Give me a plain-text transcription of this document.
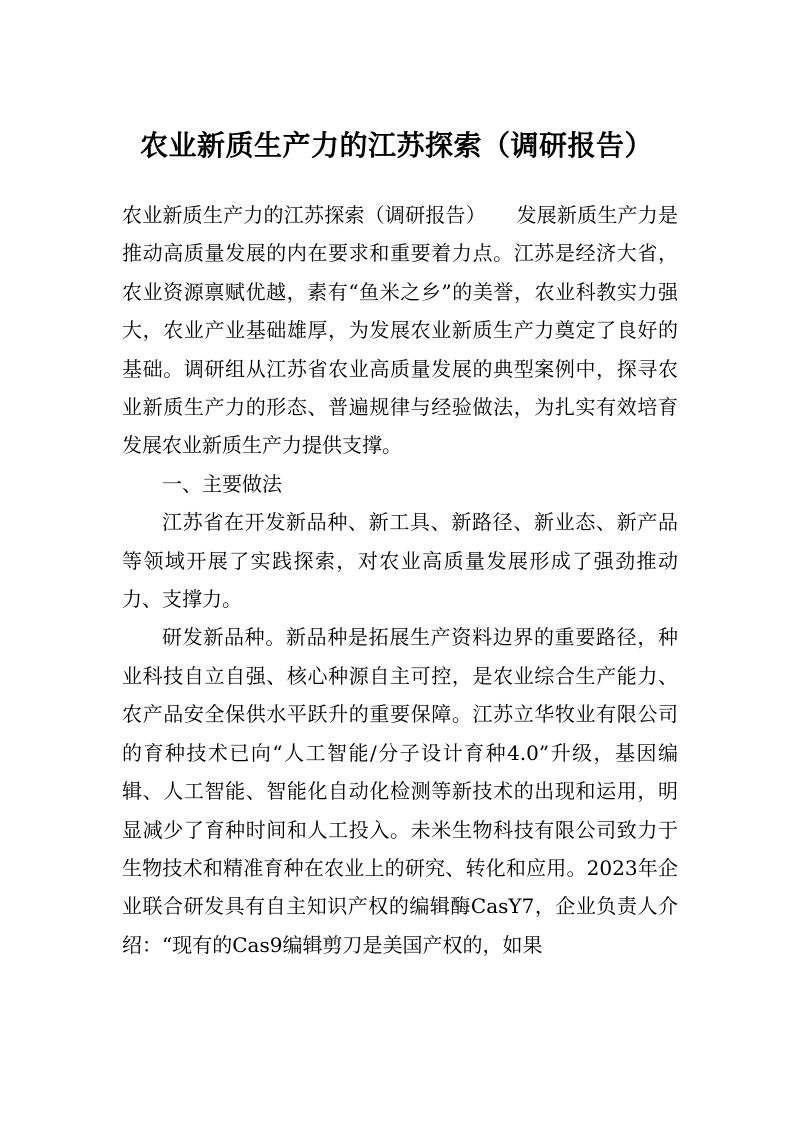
农业新质生产力的江苏探索（调研报告）

农业新质生产力的江苏探索（调研报告）　　发展新质生产力是推动高质量发展的内在要求和重要着力点。江苏是经济大省，农业资源禀赋优越，素有“鱼米之乡”的美誉，农业科教实力强大，农业产业基础雄厚，为发展农业新质生产力奠定了良好的基础。调研组从江苏省农业高质量发展的典型案例中，探寻农业新质生产力的形态、普遍规律与经验做法，为扎实有效培育发展农业新质生产力提供支撑。

一、主要做法

江苏省在开发新品种、新工具、新路径、新业态、新产品等领域开展了实践探索，对农业高质量发展形成了强劲推动力、支撑力。

研发新品种。新品种是拓展生产资料边界的重要路径，种业科技自立自强、核心种源自主可控，是农业综合生产能力、农产品安全保供水平跃升的重要保障。江苏立华牧业有限公司的育种技术已向“人工智能/分子设计育种4.0”升级，基因编辑、人工智能、智能化自动化检测等新技术的出现和运用，明显减少了育种时间和人工投入。未米生物科技有限公司致力于生物技术和精准育种在农业上的研究、转化和应用。2023年企业联合研发具有自主知识产权的编辑酶CasY7，企业负责人介绍：“现有的Cas9编辑剪刀是美国产权的，如果
